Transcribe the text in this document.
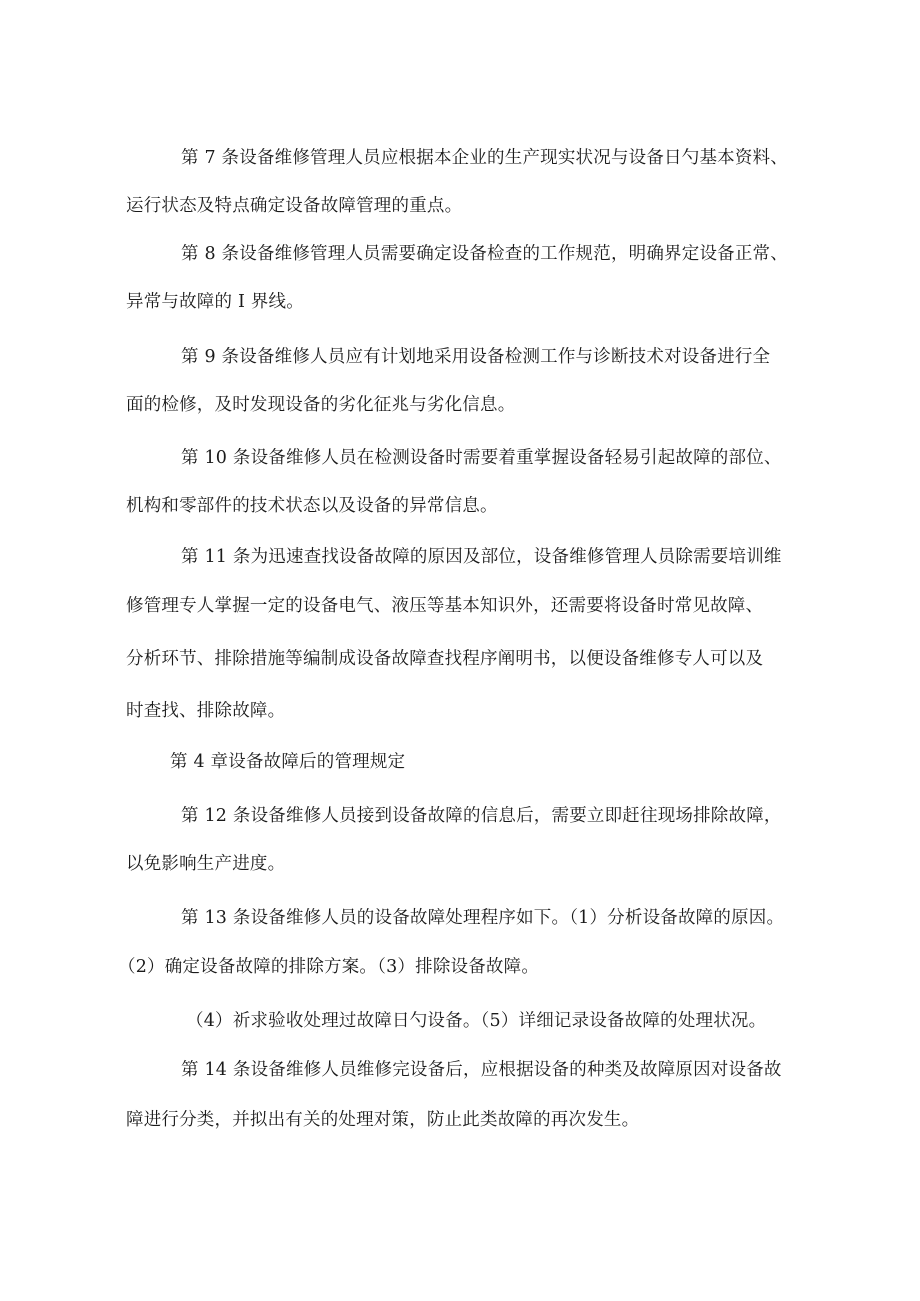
第 7 条设备维修管理人员应根据本企业的生产现实状况与设备日勺基本资料、
运行状态及特点确定设备故障管理的重点。
第 8 条设备维修管理人员需要确定设备检查的工作规范，明确界定设备正常、
异常与故障的 I 界线。
第 9 条设备维修人员应有计划地采用设备检测工作与诊断技术对设备进行全
面的检修，及时发现设备的劣化征兆与劣化信息。
第 10 条设备维修人员在检测设备时需要着重掌握设备轻易引起故障的部位、
机构和零部件的技术状态以及设备的异常信息。
第 11 条为迅速查找设备故障的原因及部位，设备维修管理人员除需要培训维
修管理专人掌握一定的设备电气、液压等基本知识外，还需要将设备时常见故障、
分析环节、排除措施等编制成设备故障查找程序阐明书，以便设备维修专人可以及
时查找、排除故障。
第 4 章设备故障后的管理规定
第 12 条设备维修人员接到设备故障的信息后，需要立即赶往现场排除故障，
以免影响生产进度。
第 13 条设备维修人员的设备故障处理程序如下。（1）分析设备故障的原因。
（2）确定设备故障的排除方案。（3）排除设备故障。
（4）祈求验收处理过故障日勺设备。（5）详细记录设备故障的处理状况。
第 14 条设备维修人员维修完设备后，应根据设备的种类及故障原因对设备故
障进行分类，并拟出有关的处理对策，防止此类故障的再次发生。
